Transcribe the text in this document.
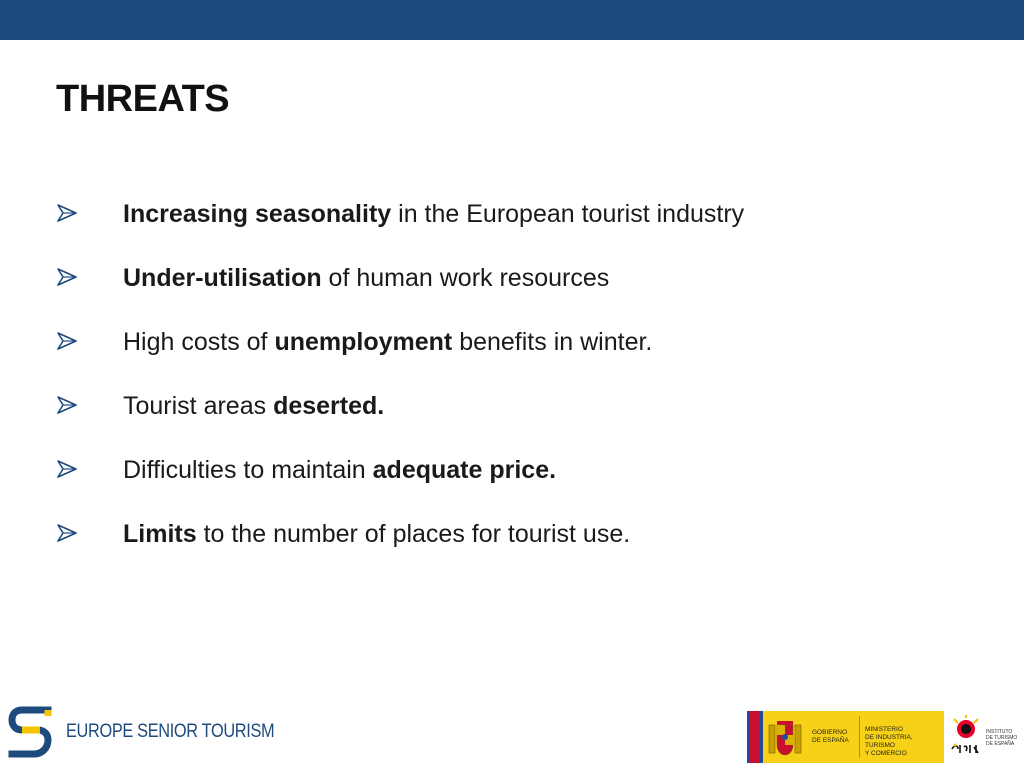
THREATS
Increasing seasonality in the European tourist industry
Under-utilisation of human work resources
High costs of unemployment benefits in winter.
Tourist areas deserted.
Difficulties to maintain adequate price.
Limits to the number of places for tourist use.
EUROPE SENIOR TOURISM	GOBIERNO
DE ESPAÑA
MINISTERIO
DE INDUSTRIA, TURISMO
Y COMERCIO
INSTITUTO
DE TURISMO
DE ESPAÑA
